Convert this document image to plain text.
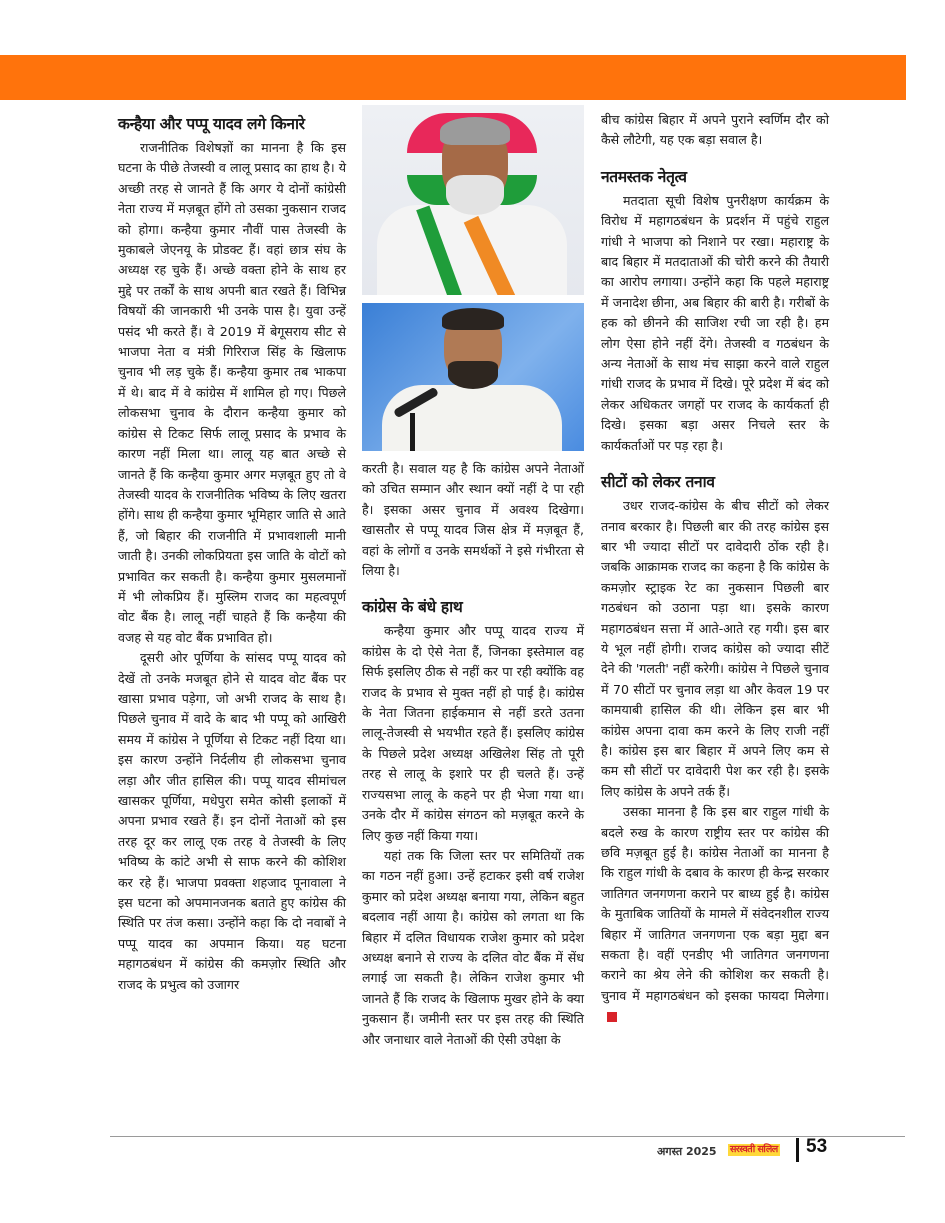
कन्हैया और पप्पू यादव लगे किनारे

राजनीतिक विशेषज्ञों का मानना है कि इस घटना के पीछे तेजस्वी व लालू प्रसाद का हाथ है। ये अच्छी तरह से जानते हैं कि अगर ये दोनों कांग्रेसी नेता राज्य में मज़बूत होंगे तो उसका नुकसान राजद को होगा। कन्हैया कुमार नौवीं पास तेजस्वी के मुकाबले जेएनयू के प्रोडक्ट हैं। वहां छात्र संघ के अध्यक्ष रह चुके हैं। अच्छे वक्ता होने के साथ हर मुद्दे पर तर्कों के साथ अपनी बात रखते हैं। विभिन्न विषयों की जानकारी भी उनके पास है। युवा उन्हें पसंद भी करते हैं। वे 2019 में बेगूसराय सीट से भाजपा नेता व मंत्री गिरिराज सिंह के खिलाफ चुनाव भी लड़ चुके हैं। कन्हैया कुमार तब भाकपा में थे। बाद में वे कांग्रेस में शामिल हो गए। पिछले लोकसभा चुनाव के दौरान कन्हैया कुमार को कांग्रेस से टिकट सिर्फ लालू प्रसाद के प्रभाव के कारण नहीं मिला था। लालू यह बात अच्छे से जानते हैं कि कन्हैया कुमार अगर मज़बूत हुए तो वे तेजस्वी यादव के राजनीतिक भविष्य के लिए खतरा होंगे। साथ ही कन्हैया कुमार भूमिहार जाति से आते हैं, जो बिहार की राजनीति में प्रभावशाली मानी जाती है। उनकी लोकप्रियता इस जाति के वोटों को प्रभावित कर सकती है। कन्हैया कुमार मुसलमानों में भी लोकप्रिय हैं। मुस्लिम राजद का महत्वपूर्ण वोट बैंक है। लालू नहीं चाहते हैं कि कन्हैया की वजह से यह वोट बैंक प्रभावित हो।

दूसरी ओर पूर्णिया के सांसद पप्पू यादव को देखें तो उनके मजबूत होने से यादव वोट बैंक पर खासा प्रभाव पड़ेगा, जो अभी राजद के साथ है। पिछले चुनाव में वादे के बाद भी पप्पू को आखिरी समय में कांग्रेस ने पूर्णिया से टिकट नहीं दिया था। इस कारण उन्होंने निर्दलीय ही लोकसभा चुनाव लड़ा और जीत हासिल की। पप्पू यादव सीमांचल खासकर पूर्णिया, मधेपुरा समेत कोसी इलाकों में अपना प्रभाव रखते हैं। इन दोनों नेताओं को इस तरह दूर कर लालू एक तरह वे तेजस्वी के लिए भविष्य के कांटे अभी से साफ करने की कोशिश कर रहे हैं। भाजपा प्रवक्ता शहजाद पूनावाला ने इस घटना को अपमानजनक बताते हुए कांग्रेस की स्थिति पर तंज कसा। उन्होंने कहा कि दो नवाबों ने पप्पू यादव का अपमान किया। यह घटना महागठबंधन में कांग्रेस की कमज़ोर स्थिति और राजद के प्रभुत्व को उजागर

करती है। सवाल यह है कि कांग्रेस अपने नेताओं को उचित सम्मान और स्थान क्यों नहीं दे पा रही है। इसका असर चुनाव में अवश्य दिखेगा। खासतौर से पप्पू यादव जिस क्षेत्र में मज़बूत हैं, वहां के लोगों व उनके समर्थकों ने इसे गंभीरता से लिया है।

कांग्रेस के बंधे हाथ

कन्हैया कुमार और पप्पू यादव राज्य में कांग्रेस के दो ऐसे नेता हैं, जिनका इस्तेमाल वह सिर्फ इसलिए ठीक से नहीं कर पा रही क्योंकि वह राजद के प्रभाव से मुक्त नहीं हो पाई है। कांग्रेस के नेता जितना हाईकमान से नहीं डरते उतना लालू-तेजस्वी से भयभीत रहते हैं। इसलिए कांग्रेस के पिछले प्रदेश अध्यक्ष अखिलेश सिंह तो पूरी तरह से लालू के इशारे पर ही चलते हैं। उन्हें राज्यसभा लालू के कहने पर ही भेजा गया था। उनके दौर में कांग्रेस संगठन को मज़बूत करने के लिए कुछ नहीं किया गया।

यहां तक कि जिला स्तर पर समितियों तक का गठन नहीं हुआ। उन्हें हटाकर इसी वर्ष राजेश कुमार को प्रदेश अध्यक्ष बनाया गया, लेकिन बहुत बदलाव नहीं आया है। कांग्रेस को लगता था कि बिहार में दलित विधायक राजेश कुमार को प्रदेश अध्यक्ष बनाने से राज्य के दलित वोट बैंक में सेंध लगाई जा सकती है। लेकिन राजेश कुमार भी जानते हैं कि राजद के खिलाफ मुखर होने के क्या नुकसान हैं। जमीनी स्तर पर इस तरह की स्थिति और जनाधार वाले नेताओं की ऐसी उपेक्षा के

बीच कांग्रेस बिहार में अपने पुराने स्वर्णिम दौर को कैसे लौटेगी, यह एक बड़ा सवाल है।

नतमस्तक नेतृत्व

मतदाता सूची विशेष पुनरीक्षण कार्यक्रम के विरोध में महागठबंधन के प्रदर्शन में पहुंचे राहुल गांधी ने भाजपा को निशाने पर रखा। महाराष्ट्र के बाद बिहार में मतदाताओं की चोरी करने की तैयारी का आरोप लगाया। उन्होंने कहा कि पहले महाराष्ट्र में जनादेश छीना, अब बिहार की बारी है। गरीबों के हक को छीनने की साजिश रची जा रही है। हम लोग ऐसा होने नहीं देंगे। तेजस्वी व गठबंधन के अन्य नेताओं के साथ मंच साझा करने वाले राहुल गांधी राजद के प्रभाव में दिखे। पूरे प्रदेश में बंद को लेकर अधिकतर जगहों पर राजद के कार्यकर्ता ही दिखे। इसका बड़ा असर निचले स्तर के कार्यकर्ताओं पर पड़ रहा है।

सीटों को लेकर तनाव

उधर राजद-कांग्रेस के बीच सीटों को लेकर तनाव बरकार है। पिछली बार की तरह कांग्रेस इस बार भी ज्यादा सीटों पर दावेदारी ठोंक रही है। जबकि आक्रामक राजद का कहना है कि कांग्रेस के कमज़ोर स्ट्राइक रेट का नुकसान पिछली बार गठबंधन को उठाना पड़ा था। इसके कारण महागठबंधन सत्ता में आते-आते रह गयी। इस बार ये भूल नहीं होगी। राजद कांग्रेस को ज्यादा सीटें देने की 'गलती' नहीं करेगी। कांग्रेस ने पिछले चुनाव में 70 सीटों पर चुनाव लड़ा था और केवल 19 पर कामयाबी हासिल की थी। लेकिन इस बार भी कांग्रेस अपना दावा कम करने के लिए राजी नहीं है। कांग्रेस इस बार बिहार में अपने लिए कम से कम सौ सीटों पर दावेदारी पेश कर रही है। इसके लिए कांग्रेस के अपने तर्क हैं।

उसका मानना है कि इस बार राहुल गांधी के बदले रुख के कारण राष्ट्रीय स्तर पर कांग्रेस की छवि मज़बूत हुई है। कांग्रेस नेताओं का मानना है कि राहुल गांधी के दबाव के कारण ही केन्द्र सरकार जातिगत जनगणना कराने पर बाध्य हुई है। कांग्रेस के मुताबिक जातियों के मामले में संवेदनशील राज्य बिहार में जातिगत जनगणना एक बड़ा मुद्दा बन सकता है। वहीं एनडीए भी जातिगत जनगणना कराने का श्रेय लेने की कोशिश कर सकती है। चुनाव में महागठबंधन को इसका फायदा मिलेगा।

अगस्त 2025 सरस्वती सलिल 53
